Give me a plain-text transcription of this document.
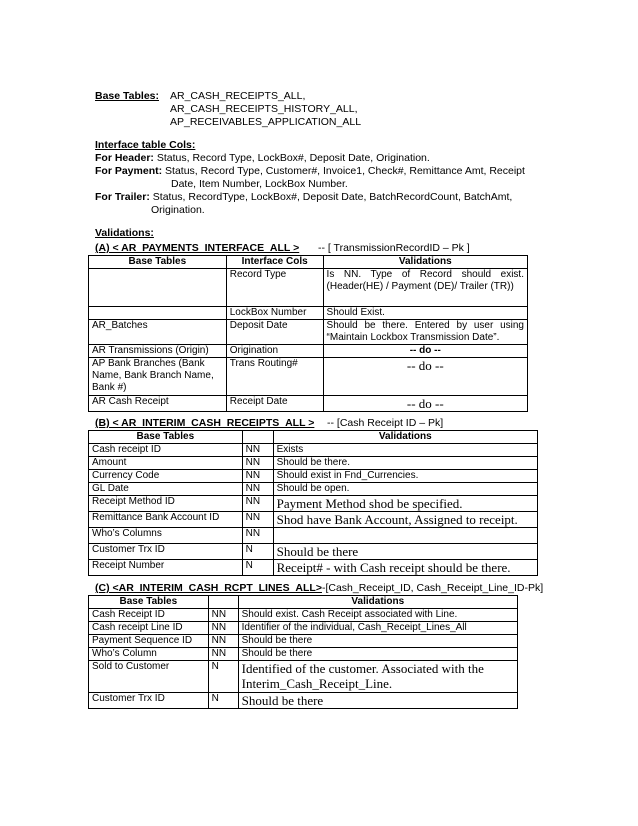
Base Tables: AR_CASH_RECEIPTS_ALL,
AR_CASH_RECEIPTS_HISTORY_ALL,
AP_RECEIVABLES_APPLICATION_ALL
Interface table Cols:
For Header: Status, Record Type, LockBox#, Deposit Date, Origination.
For Payment: Status, Record Type, Customer#, Invoice1, Check#, Remittance Amt, Receipt
Date, Item Number, LockBox Number.
For Trailer: Status, RecordType, LockBox#, Deposit Date, BatchRecordCount, BatchAmt,
Origination.
Validations:
(A) < AR_PAYMENTS_INTERFACE_ALL > -- [ TransmissionRecordID – Pk ]
Base Tables	Interface Cols	Validations
	Record Type	Is NN. Type of Record should exist.(Header(HE) / Payment (DE)/ Trailer (TR))
	LockBox Number	Should Exist.
AR_Batches	Deposit Date	Should be there. Entered by user using “Maintain Lockbox Transmission Date”.
AR Transmissions (Origin)	Origination	-- do --
AP Bank Branches (Bank Name, Bank Branch Name, Bank #)	Trans Routing#	-- do --
AR Cash Receipt	Receipt Date	-- do --
(B) < AR_INTERIM_CASH_RECEIPTS_ALL > -- [Cash Receipt ID – Pk]
Base Tables		Validations
Cash receipt ID	NN	Exists
Amount	NN	Should be there.
Currency Code	NN	Should exist in Fnd_Currencies.
GL Date	NN	Should be open.
Receipt Method ID	NN	Payment Method shod be specified.
Remittance Bank Account ID	NN	Shod have Bank Account, Assigned to receipt.
Who’s Columns	NN	
Customer Trx ID	N	Should be there
Receipt Number	N	Receipt# - with Cash receipt should be there.
(C) <AR_INTERIM_CASH_RCPT_LINES_ALL>-[Cash_Receipt_ID, Cash_Receipt_Line_ID-Pk]
Base Tables		Validations
Cash Receipt ID	NN	Should exist. Cash Receipt associated with Line.
Cash receipt Line ID	NN	Identifier of the individual, Cash_Receipt_Lines_All
Payment Sequence ID	NN	Should be there
Who’s Column	NN	Should be there
Sold to Customer	N	Identified of the customer. Associated with the Interim_Cash_Receipt_Line.
Customer Trx ID	N	Should be there
